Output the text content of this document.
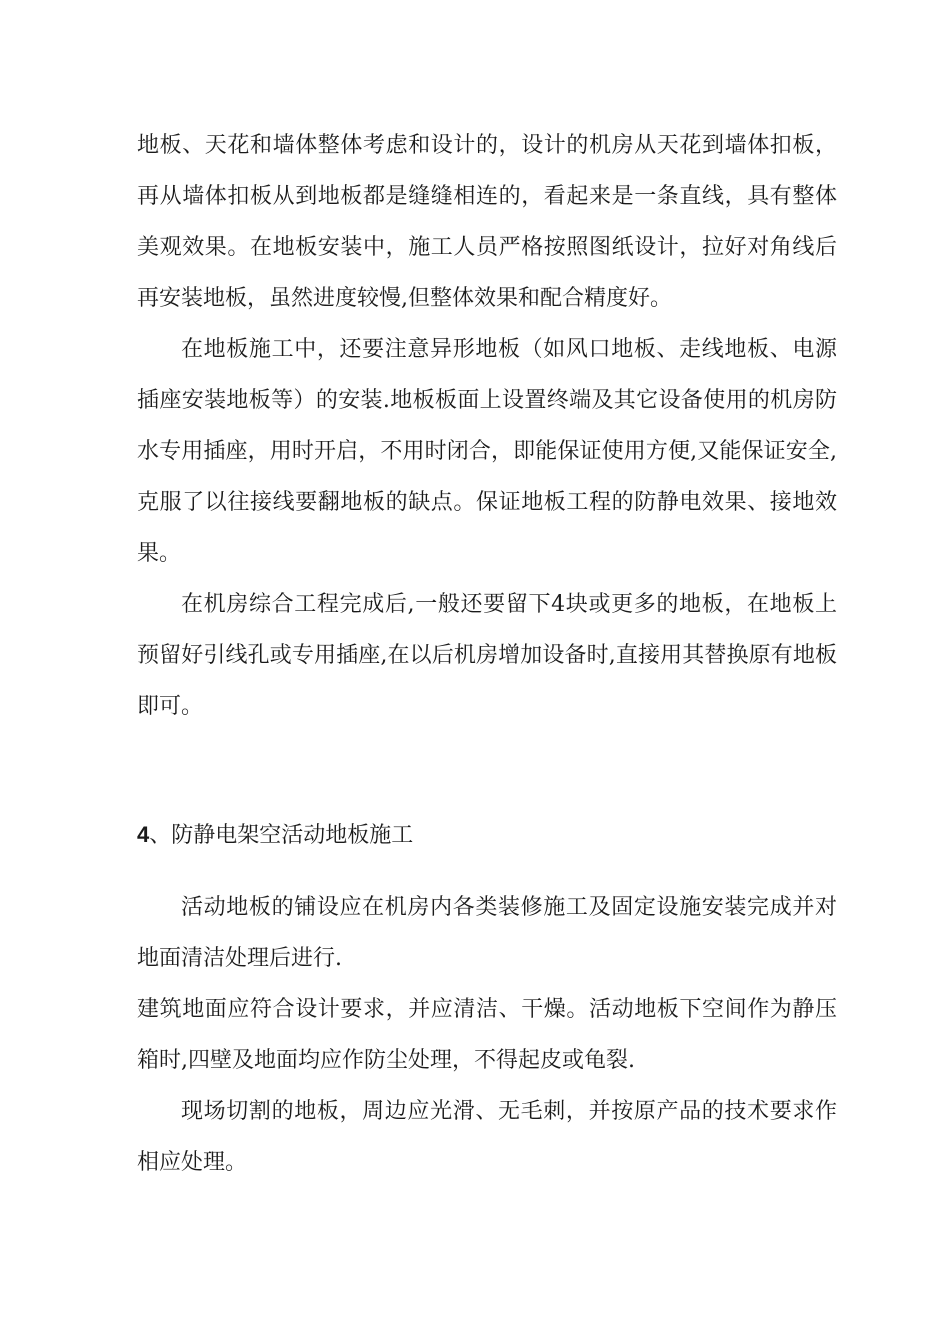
地板、天花和墙体整体考虑和设计的，设计的机房从天花到墙体扣板，再从墙体扣板从到地板都是缝缝相连的，看起来是一条直线，具有整体美观效果。在地板安装中，施工人员严格按照图纸设计，拉好对角线后再安装地板，虽然进度较慢,但整体效果和配合精度好。

在地板施工中，还要注意异形地板（如风口地板、走线地板、电源插座安装地板等）的安装.地板板面上设置终端及其它设备使用的机房防水专用插座，用时开启，不用时闭合，即能保证使用方便,又能保证安全,克服了以往接线要翻地板的缺点。保证地板工程的防静电效果、接地效果。

在机房综合工程完成后,一般还要留下4块或更多的地板，在地板上预留好引线孔或专用插座,在以后机房增加设备时,直接用其替换原有地板即可。

4、防静电架空活动地板施工

活动地板的铺设应在机房内各类装修施工及固定设施安装完成并对地面清洁处理后进行.

建筑地面应符合设计要求，并应清洁、干燥。活动地板下空间作为静压箱时,四壁及地面均应作防尘处理，不得起皮或龟裂.

现场切割的地板，周边应光滑、无毛刺，并按原产品的技术要求作相应处理。
